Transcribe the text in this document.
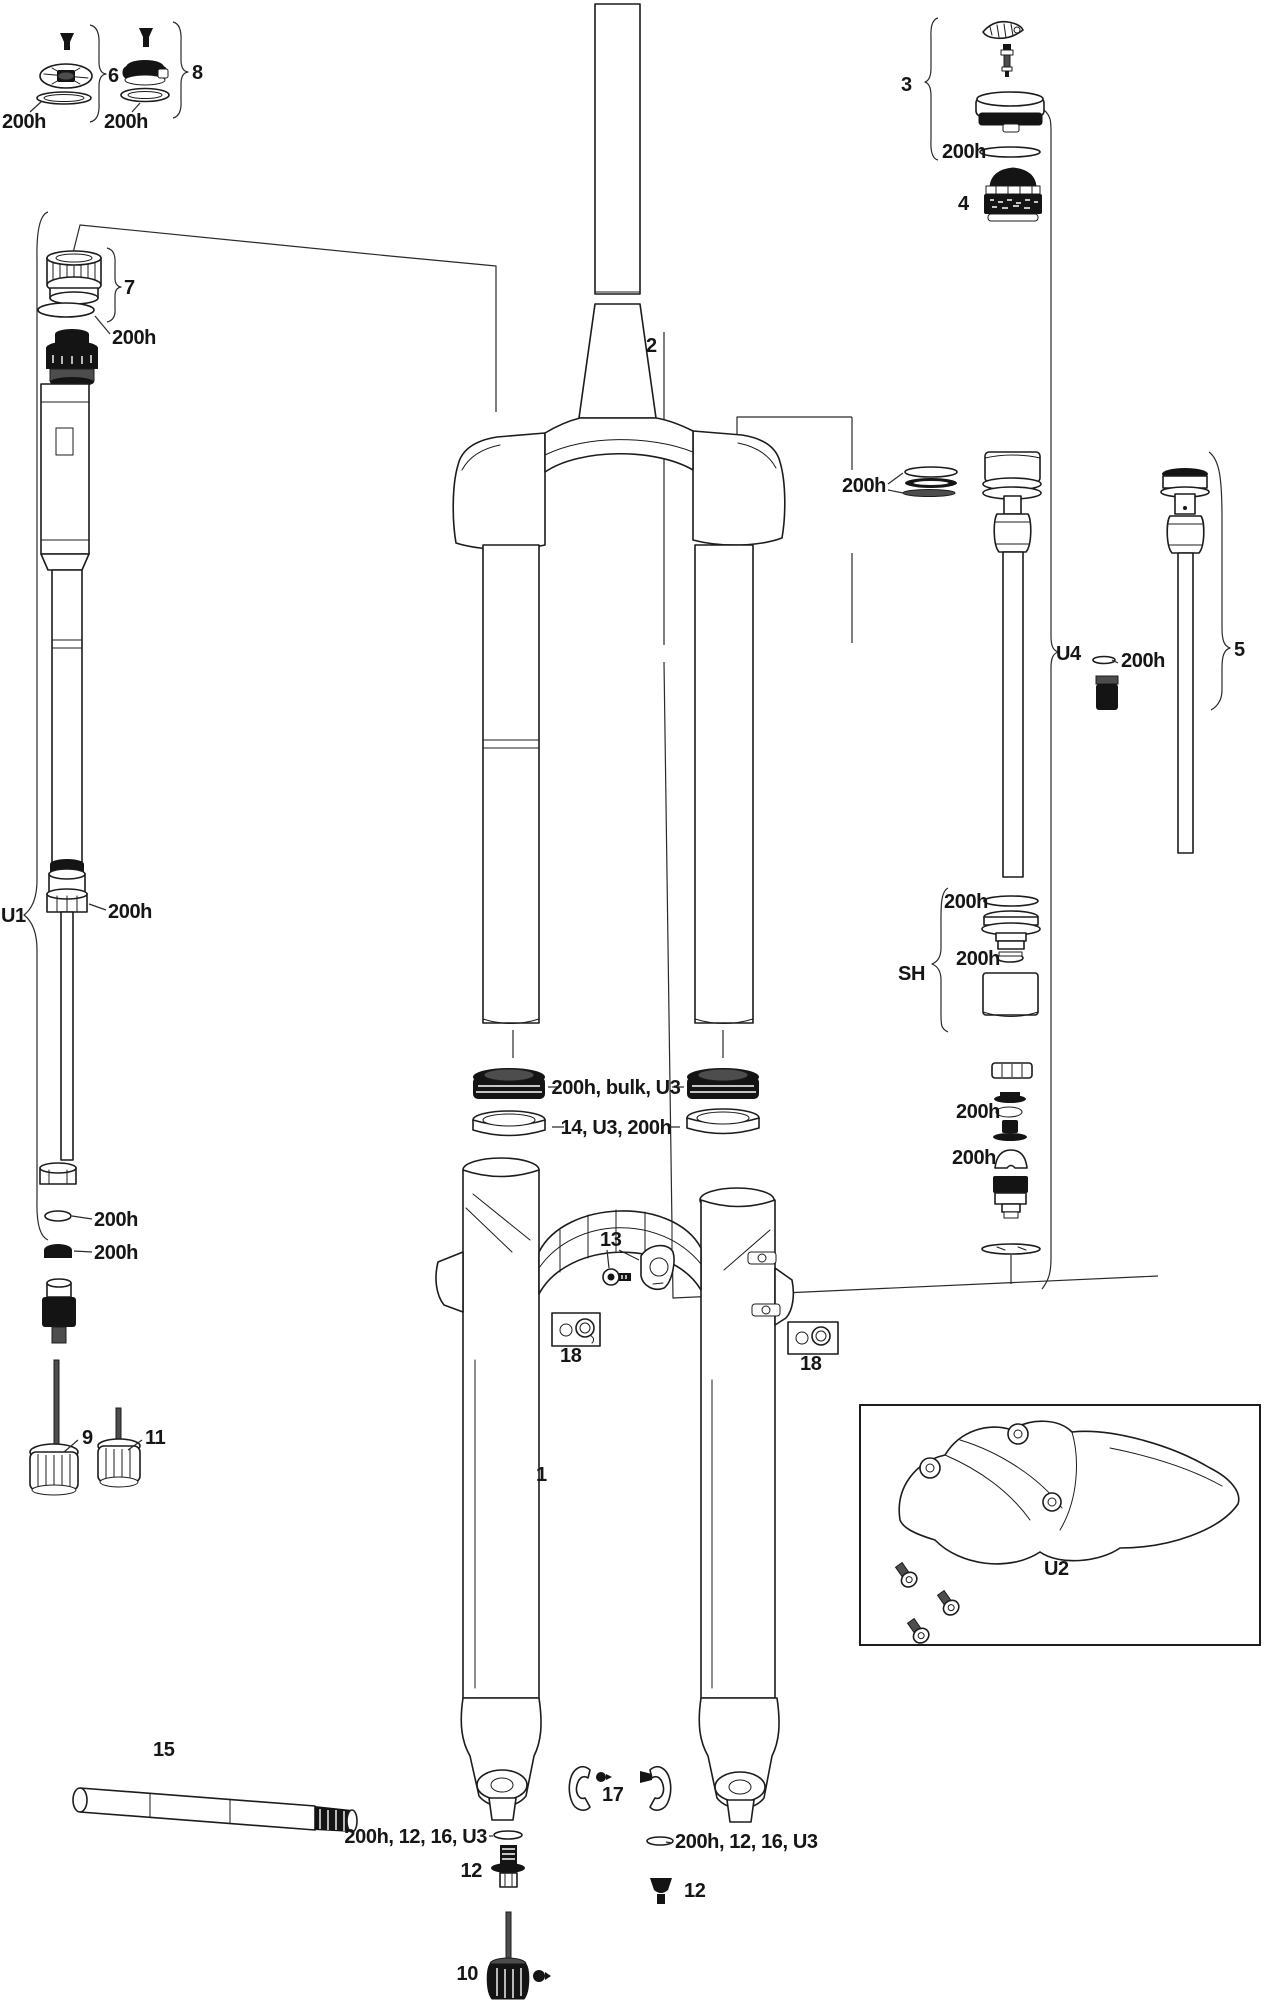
6
200h
8
200h
3
200h
4
U1
7
200h
200h
200h
200h
9	11
2
200h, bulk, U3
14, U3, 200h
1
13
18	18
200h
U4	5
200h
SH
200h
200h
200h
200h
U2
15
17
200h, 12, 16, U3
12
200h, 12, 16, U3
12
10
